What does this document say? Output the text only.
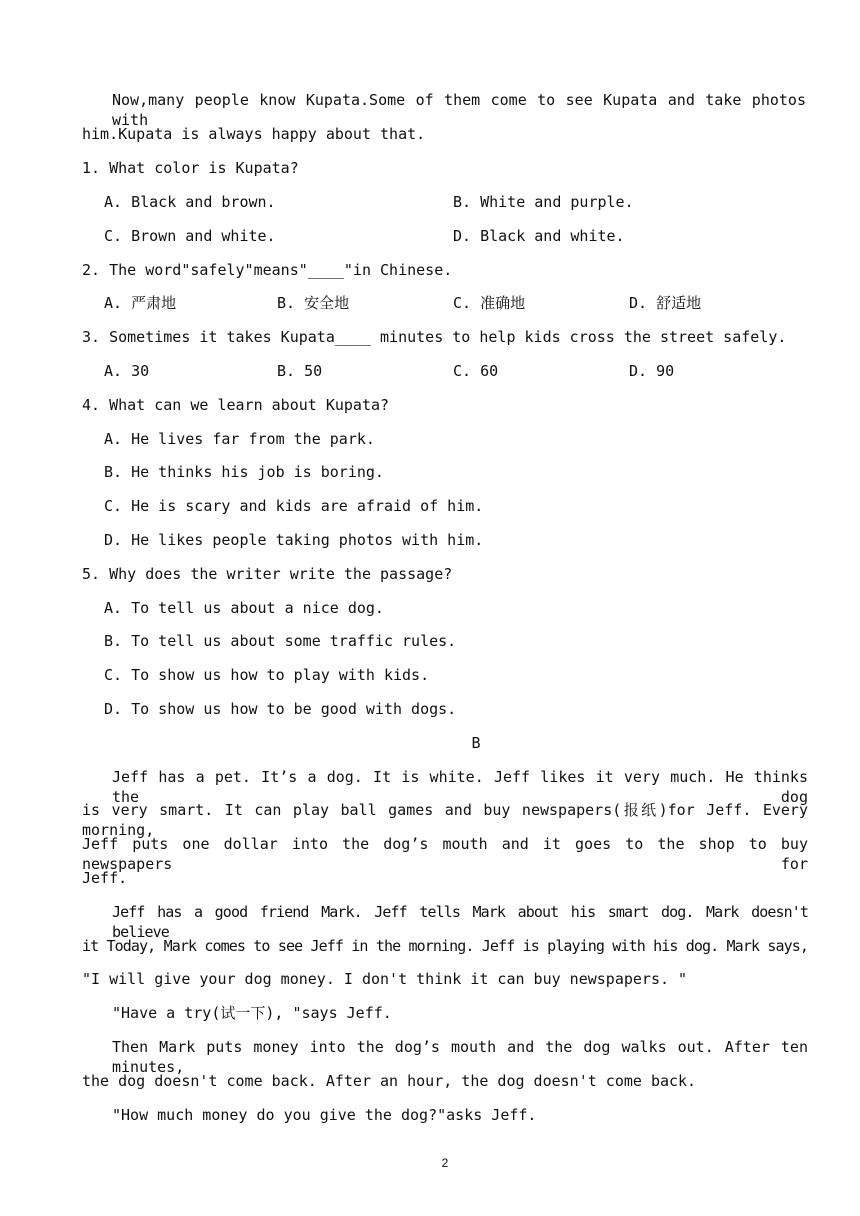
Now,many people know Kupata.Some of them come to see Kupata and take photos with
him.Kupata is always happy about that.
1. What color is Kupata?
A. Black and brown.	B. White and purple.
C. Brown and white.	D. Black and white.
2. The word"safely"means"____"in Chinese.
A. 严肃地	B. 安全地	C. 准确地	D. 舒适地
3. Sometimes it takes Kupata____ minutes to help kids cross the street safely.
A. 30	B. 50	C. 60	D. 90
4. What can we learn about Kupata?
A. He lives far from the park.
B. He thinks his job is boring.
C. He is scary and kids are afraid of him.
D. He likes people taking photos with him.
5. Why does the writer write the passage?
A. To tell us about a nice dog.
B. To tell us about some traffic rules.
C. To show us how to play with kids.
D. To show us how to be good with dogs.
B
Jeff has a pet. It’s a dog. It is white. Jeff likes it very much. He thinks the dog
is very smart. It can play ball games and buy newspapers(报纸)for Jeff. Every morning,
Jeff puts one dollar into the dog’s mouth and it goes to the shop to buy newspapers for
Jeff.
Jeff has a good friend Mark. Jeff tells Mark about his smart dog. Mark doesn't believe
it Today, Mark comes to see Jeff in the morning. Jeff is playing with his dog. Mark says,
"I will give your dog money. I don't think it can buy newspapers. "
"Have a try(试一下), "says Jeff.
Then Mark puts money into the dog’s mouth and the dog walks out. After ten minutes,
the dog doesn't come back. After an hour, the dog doesn't come back.
"How much money do you give the dog?"asks Jeff.
2
